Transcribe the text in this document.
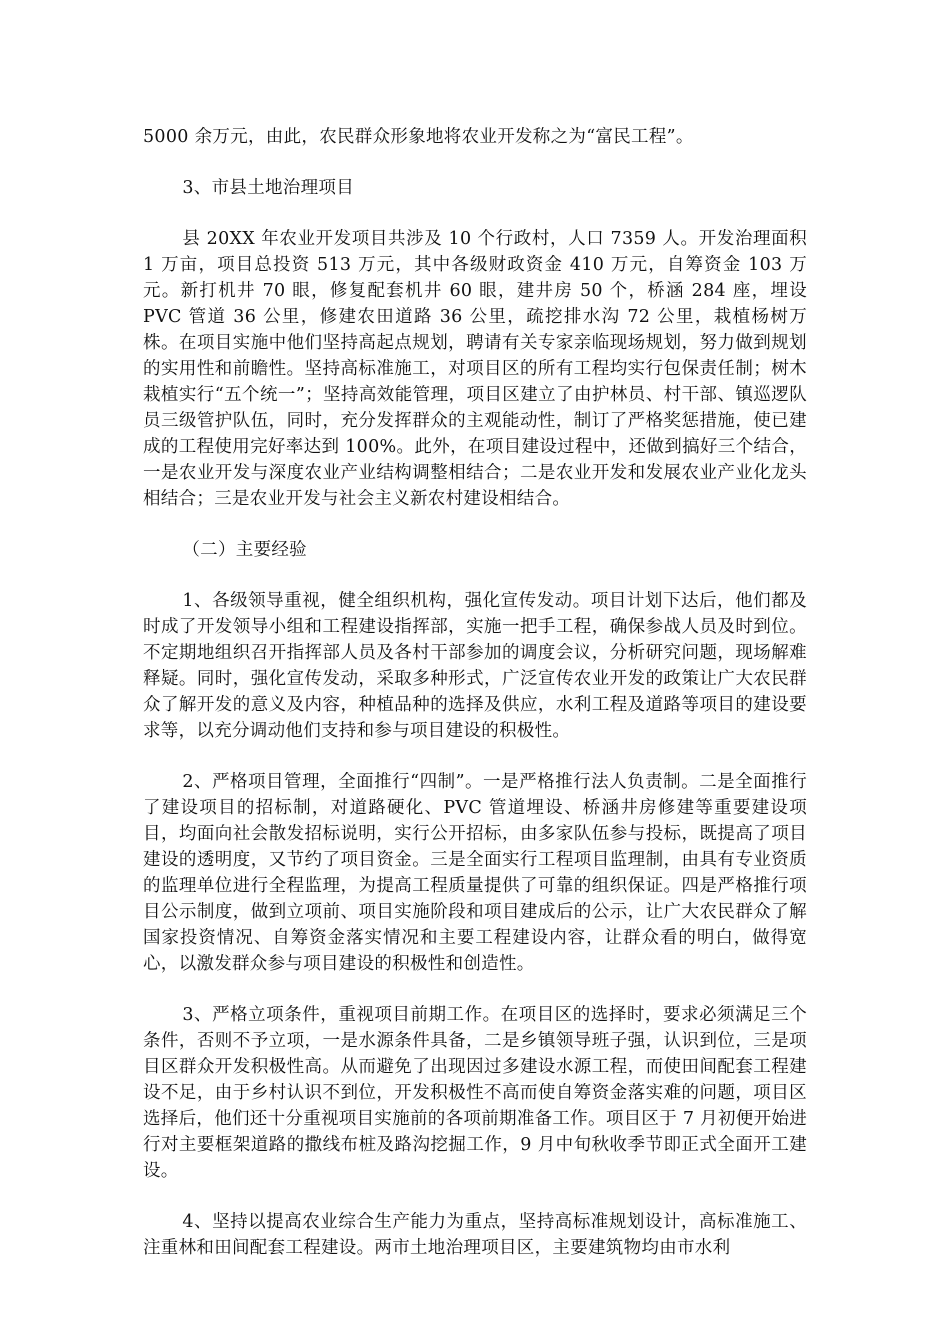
5000 余万元，由此，农民群众形象地将农业开发称之为“富民工程”。

3、市县土地治理项目

县 20XX 年农业开发项目共涉及 10 个行政村，人口 7359 人。开发治理面积 1 万亩，项目总投资 513 万元，其中各级财政资金 410 万元，自筹资金 103 万元。新打机井 70 眼，修复配套机井 60 眼，建井房 50 个，桥涵 284 座，埋设 PVC 管道 36 公里，修建农田道路 36 公里，疏挖排水沟 72 公里，栽植杨树万株。在项目实施中他们坚持高起点规划，聘请有关专家亲临现场规划，努力做到规划的实用性和前瞻性。坚持高标准施工，对项目区的所有工程均实行包保责任制；树木栽植实行“五个统一”；坚持高效能管理，项目区建立了由护林员、村干部、镇巡逻队员三级管护队伍，同时，充分发挥群众的主观能动性，制订了严格奖惩措施，使已建成的工程使用完好率达到 100%。此外，在项目建设过程中，还做到搞好三个结合，一是农业开发与深度农业产业结构调整相结合；二是农业开发和发展农业产业化龙头相结合；三是农业开发与社会主义新农村建设相结合。

（二）主要经验

1、各级领导重视，健全组织机构，强化宣传发动。项目计划下达后，他们都及时成了开发领导小组和工程建设指挥部，实施一把手工程，确保参战人员及时到位。不定期地组织召开指挥部人员及各村干部参加的调度会议，分析研究问题，现场解难释疑。同时，强化宣传发动，采取多种形式，广泛宣传农业开发的政策让广大农民群众了解开发的意义及内容，种植品种的选择及供应，水利工程及道路等项目的建设要求等，以充分调动他们支持和参与项目建设的积极性。

2、严格项目管理，全面推行“四制”。一是严格推行法人负责制。二是全面推行了建设项目的招标制，对道路硬化、PVC 管道埋设、桥涵井房修建等重要建设项目，均面向社会散发招标说明，实行公开招标，由多家队伍参与投标，既提高了项目建设的透明度，又节约了项目资金。三是全面实行工程项目监理制，由具有专业资质的监理单位进行全程监理，为提高工程质量提供了可靠的组织保证。四是严格推行项目公示制度，做到立项前、项目实施阶段和项目建成后的公示，让广大农民群众了解国家投资情况、自筹资金落实情况和主要工程建设内容，让群众看的明白，做得宽心，以激发群众参与项目建设的积极性和创造性。

3、严格立项条件，重视项目前期工作。在项目区的选择时，要求必须满足三个条件，否则不予立项，一是水源条件具备，二是乡镇领导班子强，认识到位，三是项目区群众开发积极性高。从而避免了出现因过多建设水源工程，而使田间配套工程建设不足，由于乡村认识不到位，开发积极性不高而使自筹资金落实难的问题，项目区选择后，他们还十分重视项目实施前的各项前期准备工作。项目区于 7 月初便开始进行对主要框架道路的撒线布桩及路沟挖掘工作，9 月中旬秋收季节即正式全面开工建设。

4、坚持以提高农业综合生产能力为重点，坚持高标准规划设计，高标准施工、注重林和田间配套工程建设。两市土地治理项目区，主要建筑物均由市水利
